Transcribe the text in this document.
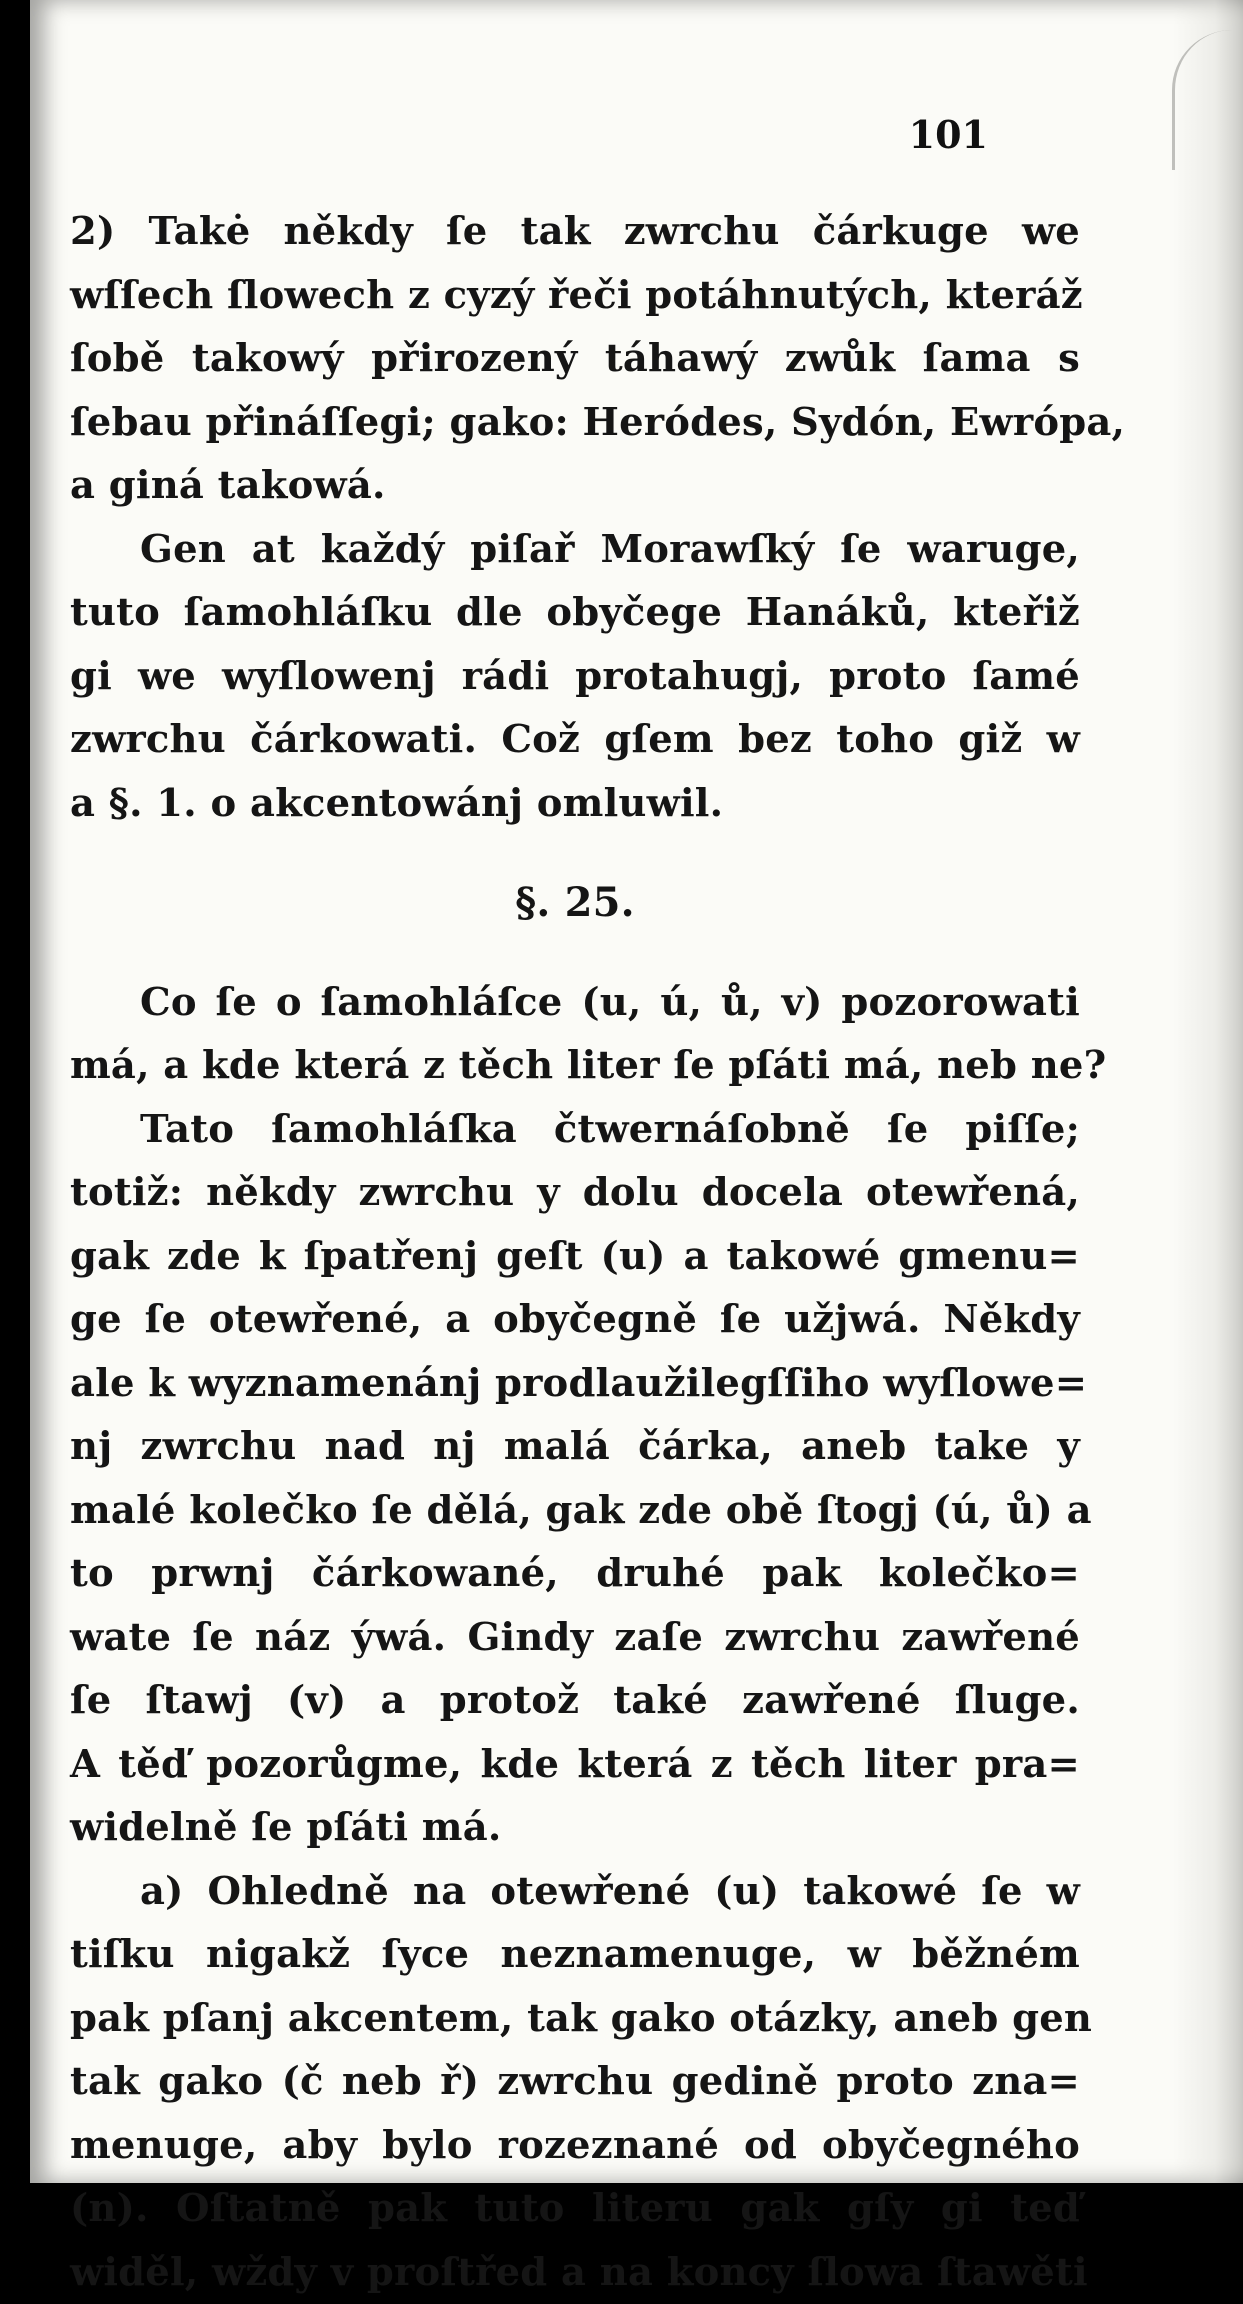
101
2) Takė někdy ſe tak zwrchu čárkuge we
wſſech ſlowech z cyzý řeči potáhnutých, kteráž
ſobě takowý přirozený táhawý zwůk ſama s
ſebau přináſſegi; gako: Heródes, Sydón, Ewrópa,
a giná takowá.
Gen at každý piſař Morawſký ſe waruge,
tuto ſamohláſku dle obyčege Hanáků, kteřiž
gi we wyſlowenj rádi protahugj, proto ſamé
zwrchu čárkowati. Což gſem bez toho giž w
a §. 1. o akcentowánj omluwil.
§. 25.
Co ſe o ſamohláſce (u, ú, ů, v) pozorowati
má, a kde která z těch liter ſe pſáti má, neb ne?
Tato ſamohláſka čtwernáſobně ſe piſſe;
totiž: někdy zwrchu y dolu docela otewřená,
gak zde k ſpatřenj geſt (u) a takowé gmenu=
ge ſe otewřené, a obyčegně ſe užjwá. Někdy
ale k wyznamenánj prodlaužilegſſiho wyſlowe=
nj zwrchu nad nj malá čárka, aneb take y
malé kolečko ſe dělá, gak zde obě ſtogj (ú, ů) a
to prwnj čárkowané, druhé pak kolečko=
wate ſe náz ýwá. Gindy zaſe zwrchu zawřené
ſe ſtawj (v) a protož také zawřené ſluge.
A těď pozorůgme, kde která z těch liter pra=
widelně ſe pſáti má.
a) Ohledně na otewřené (u) takowé ſe w
tiſku nigakž ſyce neznamenuge, w běžném
pak pſanj akcentem, tak gako otázky, aneb gen
tak gako (č neb ř) zwrchu gedině proto zna=
menuge, aby bylo rozeznané od obyčegného
(n). Oſtatně pak tuto literu gak gſy gi teď
widěl, wždy v proſtřed a na koncy ſlowa ſtawěti
